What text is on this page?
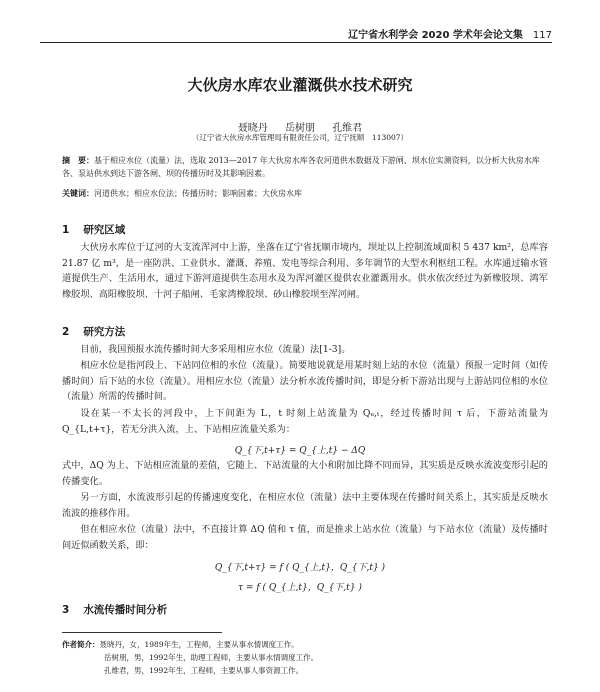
辽宁省水利学会 2020 学术年会论文集 117
大伙房水库农业灌溉供水技术研究
聂晓丹 岳树朋 孔维君
（辽宁省大伙房水库管理局有限责任公司，辽宁抚顺　113007）
摘　要：基于相应水位（流量）法，选取 2013—2017 年大伙房水库各农河道供水数据及下游闸、坝水位实测资料，以分析大伙房水库各、泵站供水到达下游各闸、坝的传播历时及其影响因素。
关键词：河道供水；相应水位法；传播历时；影响因素；大伙房水库
1 研究区域
大伙房水库位于辽河的大支流浑河中上游，坐落在辽宁省抚顺市境内，坝址以上控制流域面积 5 437 km²，总库容 21.87 亿 m³，是一座防洪、工业供水、灌溉、养殖、发电等综合利用、多年调节的大型水利枢纽工程。水库通过输水管道提供生产、生活用水，通过下游河道提供生态用水及为浑河灌区提供农业灌溉用水。供水依次经过为新橡胶坝、鸿军橡胶坝、高阳橡胶坝、十河子船闸、毛家湾橡胶坝、砂山橡胶坝至浑河闸。
2 研究方法
目前，我国预报水流传播时间大多采用相应水位（流量）法[1-3]。
相应水位是指河段上、下站同位相的水位（流量）。简要地说就是用某时刻上站的水位（流量）预报一定时间（如传播时间）后下站的水位（流量）。用相应水位（流量）法分析水流传播时间，即是分析下游站出现与上游站同位相的水位（流量）所需的传播时间。
设在某一不太长的河段中，上下间距为 L，t 时刻上站流量为 Qᵤ,ₜ，经过传播时间 τ 后，下游站流量为 Q_{L,t+τ}，若无分洪入流，上、下站相应流量关系为：
Q_{下,t+τ} = Q_{上,t} − ΔQ
式中，ΔQ 为上、下站相应流量的差值，它随上、下站流量的大小和附加比降不同而异，其实质是反映水流波变形引起的传播变化。
另一方面，水流波形引起的传播速度变化，在相应水位（流量）法中主要体现在传播时间关系上，其实质是反映水流波的推移作用。
但在相应水位（流量）法中，不直接计算 ΔQ 值和 τ 值，而是推求上站水位（流量）与下站水位（流量）及传播时间近似函数关系，即：
Q_{下,t+τ} = f ( Q_{上,t}，Q_{下,t} )
τ = f ( Q_{上,t}，Q_{下,t} )
3 水流传播时间分析
作者简介：聂晓丹，女，1989年生，工程师，主要从事水情调度工作。
岳树朋，男，1992年生，助理工程师，主要从事水情调度工作。
孔维君，男，1992年生，工程师，主要从事人事资源工作。
